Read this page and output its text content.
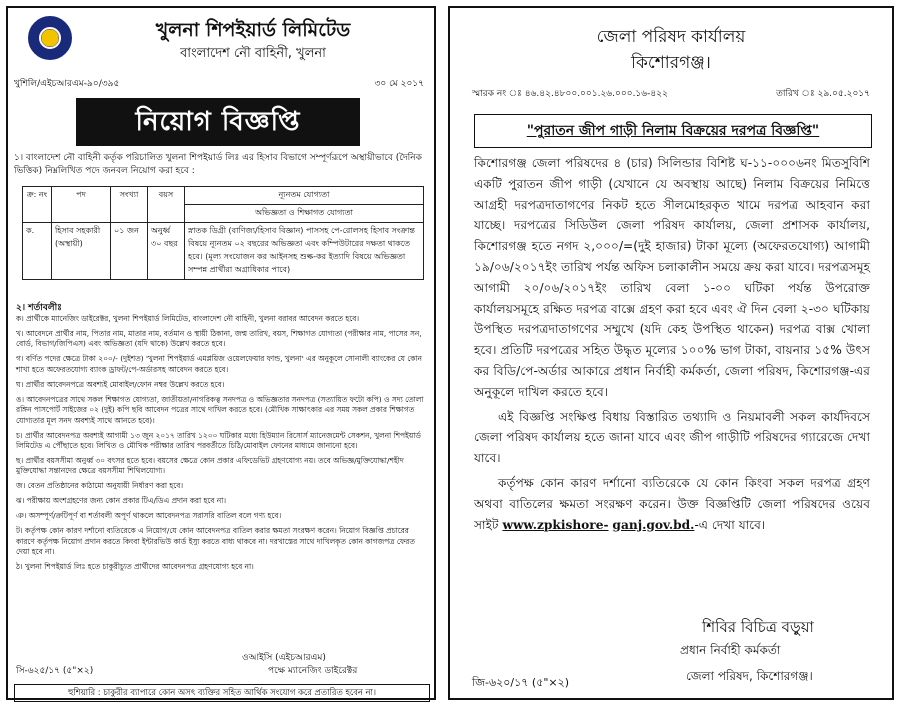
খুলনা শিপইয়ার্ড লিমিটেড
বাংলাদেশ নৌ বাহিনী, খুলনা
খুশিলি/এইচআরএম-৯০/৩৯৫	৩০ মে ২০১৭
নিয়োগ বিজ্ঞপ্তি
১। বাংলাদেশ নৌ বাহিনী কর্তৃক পরিচালিত খুলনা শিপইয়ার্ড লিঃ এর হিসাব বিভাগে সম্পূর্ণরূপে অস্থায়ীভাবে (দৈনিক ভিত্তিক) নিম্নলিখিত পদে জনবল নিয়োগ করা হবে :
ক্র: নং	পদ	সংখ্যা	বয়স	ন্যূনতম যোগ্যতা
				অভিজ্ঞতা ও শিক্ষাগত যোগ্যতা
ক.	হিসাব সহকারী (অস্থায়ী)	০১ জন	অনুর্ধ্ব ৩০ বছর	স্নাতক ডিগ্রী (বাণিজ্য/হিসাব বিজ্ঞান) পাসসহ পে-রোলসহ হিসাব সংক্রান্ত বিষয়ে ন্যূনতম ০২ বছরের অভিজ্ঞতা এবং কম্পিউটারের দক্ষতা থাকতে হবে। (মূল্য সংযোজন কর আইনসহ শুল্ক-কর ইত্যাদি বিষয়ে অভিজ্ঞতা সম্পন্ন প্রার্থীরা অগ্রাধিকার পাবে)
২। শর্তাবলীঃ
ক। প্রার্থীকে ম্যানেজিং ডাইরেক্টর, খুলনা শিপইয়ার্ড লিমিটেড, বাংলাদেশ নৌ বাহিনী, খুলনা বরাবর আবেদন করতে হবে।
খ। আবেদনে প্রার্থীর নাম, পিতার নাম, মাতার নাম, বর্তমান ও স্থায়ী ঠিকানা, জন্ম তারিখ, বয়স, শিক্ষাগত যোগ্যতা (পরীক্ষার নাম, পাসের সন, বোর্ড, বিভাগ/জিপিএস) এবং অভিজ্ঞতা (যদি থাকে) উল্লেখ করতে হবে।
গ। বর্ণিত পদের ক্ষেত্রে টাকা ২০০/- (দুইশত) 'খুলনা শিপইয়ার্ড এমপ্লয়িজ ওয়েলফেয়ার ফান্ড, খুলনা' এর অনুকূলে সোনালী ব্যাংকের যে কোন শাখা হতে অফেরতযোগ্য ব্যাংক ড্রাফট/পে-অর্ডারসহ আবেদন করতে হবে।
ঘ। প্রার্থীর আবেদনপত্রে অবশ্যই মোবাইল/ফোন নম্বর উল্লেখ করতে হবে।
ঙ। আবেদনপত্রের সাথে সকল শিক্ষাগত যোগ্যতা, জাতীয়তা/নাগরিকত্ব সনদপত্র ও অভিজ্ঞতার সনদপত্র (সত্যায়িত ফটো কপি) ও সদ্য তোলা রঙ্গিন পাসপোর্ট সাইজের ০২ (দুই) কপি ছবি আবেদন পত্রের সাথে দাখিল করতে হবে। (মৌখিক সাক্ষাৎকার এর সময় সকল প্রকার শিক্ষাগত যোগ্যতার মূল সনদ অবশ্যই সাথে আনতে হবে)।
চ। প্রার্থীর আবেদনপত্র অবশ্যই আগামী ১৩ জুন ২০১৭ তারিখ ১২০০ ঘটিকার মধ্যে হিউম্যান রিসোর্স ম্যানেজমেন্ট সেকশন, খুলনা শিপইয়ার্ড লিমিটেড এ পৌঁছাতে হবে। লিখিত ও মৌখিক পরীক্ষার তারিখ পরবর্তীতে চিঠি/মোবাইল ফোনের মাধ্যমে জানানো হবে।
ছ। প্রার্থীর বয়সসীমা অনুর্ধ্ব ৩০ বৎসর হতে হবে। বয়সের ক্ষেত্রে কোন প্রকার এফিডেভিট গ্রহণযোগ্য নয়। তবে অভিজ্ঞ/মুক্তিযোদ্ধা/শহীদ মুক্তিযোদ্ধা সন্তানদের ক্ষেত্রে বয়সসীমা শিথিলযোগ্য।
জ। বেতন প্রতিষ্ঠানের কাঠামো অনুযায়ী নির্ধারণ করা হবে।
ঝ। পরীক্ষায় অংশগ্রহণের জন্য কোন প্রকার টিএ/ডিএ প্রদান করা হবে না।
ঞ। অসম্পূর্ণ/ক্রটিপূর্ণ বা শর্তাবলী অপূর্ণ থাকলে আবেদনপত্র সরাসরি বাতিল বলে গণ্য হবে।
ট। কর্তৃপক্ষ কোন কারণ দর্শানো ব্যতিরেকে এ নিয়োগ/যে কোন আবেদনপত্র বাতিল করার ক্ষমতা সংরক্ষণ করেন। নিয়োগ বিজ্ঞপ্তি প্রচারের কারণে কর্তৃপক্ষ নিয়োগ প্রদান করতে কিংবা ইন্টারভিউ কার্ড ইস্যু করতে বাধ্য থাকবে না। দরখাস্তের সাথে দাখিলকৃত কোন কাগজপত্র ফেরত দেয়া হবে না।
ঠ। খুলনা শিপইয়ার্ড লিঃ হতে চাকুরীচ্যুত প্রার্থীদের আবেদনপত্র গ্রহণযোগ্য হবে না।
ওআইসি (এইচআরএম)
পক্ষে ম্যানেজিং ডাইরেক্টর
সি-৬২৫/১৭ (৫"×২)
হুশিয়ারি : চাকুরীর ব্যাপারে কোন অসৎ ব্যক্তির সহিত আর্থিক সংযোগ করে প্রতারিত হবেন না।
জেলা পরিষদ কার্যালয়
কিশোরগঞ্জ।
স্মারক নং ঃ ৪৬.৪২.৪৮০০.০০১.২৬.০০০.১৬-৪২২	তারিখ ঃ ২৯.০৫.২০১৭
"পুরাতন জীপ গাড়ী নিলাম বিক্রয়ের দরপত্র বিজ্ঞপ্তি"

কিশোরগঞ্জ জেলা পরিষদের ৪ (চার) সিলিন্ডার বিশিষ্ট ঘ-১১-০০০৬নং মিতসুবিশি একটি পুরাতন জীপ গাড়ী (যেখানে যে অবস্থায় আছে) নিলাম বিক্রয়ের নিমিত্তে আগ্রহী দরপত্রদাতাগণের নিকট হতে সীলমোহরকৃত খামে দরপত্র আহবান করা যাচ্ছে। দরপত্রের সিডিউল জেলা পরিষদ কার্যালয়, জেলা প্রশাসক কার্যালয়, কিশোরগঞ্জ হতে নগদ ২,০০০/=(দুই হাজার) টাকা মূল্যে (অফেরতযোগ্য) আগামী ১৯/০৬/২০১৭ইং তারিখ পর্যন্ত অফিস চলাকালীন সময়ে ক্রয় করা যাবে। দরপত্রসমূহ আগামী ২০/০৬/২০১৭ইং তারিখ বেলা ১-০০ ঘটিকা পর্যন্ত উপরোক্ত কার্যালয়সমূহে রক্ষিত দরপত্র বাক্সে গ্রহণ করা হবে এবং ঐ দিন বেলা ২-৩০ ঘটিকায় উপস্থিত দরপত্রদাতাগণের সম্মুখে (যদি কেহ উপস্থিত থাকেন) দরপত্র বাক্স খোলা হবে। প্রতিটি দরপত্রের সহিত উদ্ধৃত মূল্যের ১০০% ভাগ টাকা, বায়নার ১৫% উৎস কর বিডি/পে-অর্ডার আকারে প্রধান নির্বাহী কর্মকর্তা, জেলা পরিষদ, কিশোরগঞ্জ-এর অনুকূলে দাখিল করতে হবে।

এই বিজ্ঞপ্তি সংক্ষিপ্ত বিধায় বিস্তারিত তথ্যাদি ও নিয়মাবলী সকল কার্যদিবসে জেলা পরিষদ কার্যালয় হতে জানা যাবে এবং জীপ গাড়ীটি পরিষদের গ্যারেজে দেখা যাবে।

কর্তৃপক্ষ কোন কারণ দর্শানো ব্যতিরেকে যে কোন কিংবা সকল দরপত্র গ্রহণ অথবা বাতিলের ক্ষমতা সংরক্ষণ করেন। উক্ত বিজ্ঞপ্তিটি জেলা পরিষদের ওয়েব সাইট www.zpkishore- ganj.gov.bd.-এ দেখা যাবে।

শিবির বিচিত্র বড়ুয়া
প্রধান নির্বাহী কর্মকর্তা
জি-৬২০/১৭ (৫"×২)	জেলা পরিষদ, কিশোরগঞ্জ।
